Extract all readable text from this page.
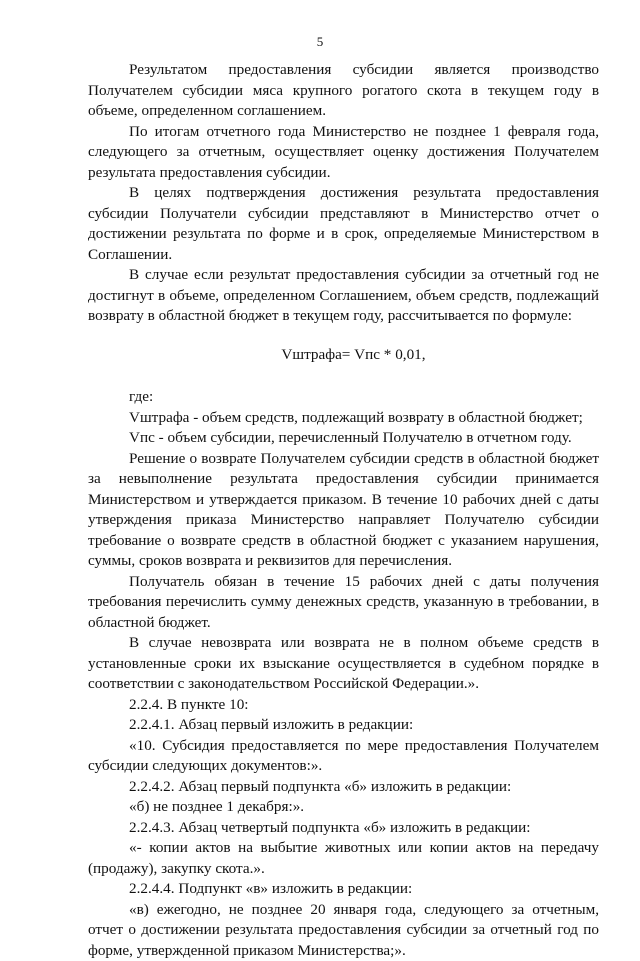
5

Результатом предоставления субсидии является производство Получателем субсидии мяса крупного рогатого скота в текущем году в объеме, определенном соглашением.

По итогам отчетного года Министерство не позднее 1 февраля года, следующего за отчетным, осуществляет оценку достижения Получателем результата предоставления субсидии.

В целях подтверждения достижения результата предоставления субсидии Получатели субсидии представляют в Министерство отчет о достижении результата по форме и в срок, определяемые Министерством в Соглашении.

В случае если результат предоставления субсидии за отчетный год не достигнут в объеме, определенном Соглашением, объем средств, подлежащий возврату в областной бюджет в текущем году, рассчитывается по формуле:

Vштрафа= Vпс * 0,01,

где:

Vштрафа - объем средств, подлежащий возврату в областной бюджет;

Vпс - объем субсидии, перечисленный Получателю в отчетном году.

Решение о возврате Получателем субсидии средств в областной бюджет за невыполнение результата предоставления субсидии принимается Министерством и утверждается приказом. В течение 10 рабочих дней с даты утверждения приказа Министерство направляет Получателю субсидии требование о возврате средств в областной бюджет с указанием нарушения, суммы, сроков возврата и реквизитов для перечисления.

Получатель обязан в течение 15 рабочих дней с даты получения требования перечислить сумму денежных средств, указанную в требовании, в областной бюджет.

В случае невозврата или возврата не в полном объеме средств в установленные сроки их взыскание осуществляется в судебном порядке в соответствии с законодательством Российской Федерации.».

2.2.4. В пункте 10:

2.2.4.1. Абзац первый изложить в редакции:

«10. Субсидия предоставляется по мере предоставления Получателем субсидии следующих документов:».

2.2.4.2. Абзац первый подпункта «б» изложить в редакции:

«б) не позднее 1 декабря:».

2.2.4.3. Абзац четвертый подпункта «б» изложить в редакции:

«- копии актов на выбытие животных или копии актов на передачу (продажу), закупку скота.».

2.2.4.4. Подпункт «в» изложить в редакции:

«в) ежегодно, не позднее 20 января года, следующего за отчетным, отчет о достижении результата предоставления субсидии за отчетный год по форме, утвержденной приказом Министерства;».
